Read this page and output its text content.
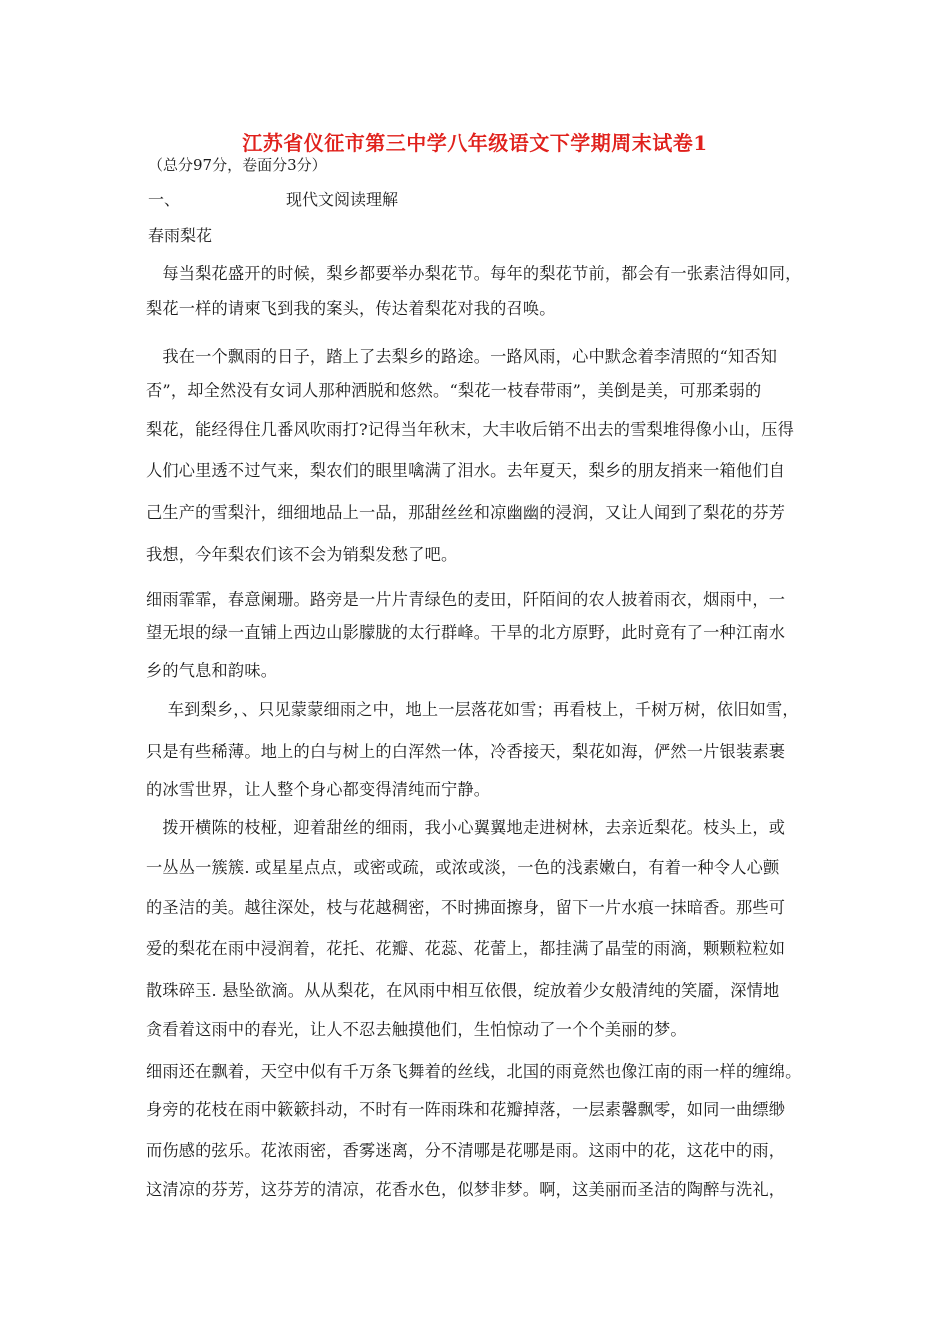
江苏省仪征市第三中学八年级语文下学期周末试卷1
（总分97分，卷面分3分）
一、	现代文阅读理解
春雨梨花
　每当梨花盛开的时候，梨乡都要举办梨花节。每年的梨花节前，都会有一张素洁得如同，
梨花一样的请柬飞到我的案头，传达着梨花对我的召唤。
　我在一个飘雨的日子，踏上了去梨乡的路途。一路风雨，心中默念着李清照的“知否知
否”，却全然没有女词人那种洒脱和悠然。“梨花一枝春带雨”，美倒是美，可那柔弱的
梨花，能经得住几番风吹雨打?记得当年秋末，大丰收后销不出去的雪梨堆得像小山，压得
人们心里透不过气来，梨农们的眼里噙满了泪水。去年夏天，梨乡的朋友捎来一箱他们自
己生产的雪梨汁，细细地品上一品，那甜丝丝和凉幽幽的浸润，又让人闻到了梨花的芬芳
我想，今年梨农们该不会为销梨发愁了吧。
细雨霏霏，春意阑珊。路旁是一片片青绿色的麦田，阡陌间的农人披着雨衣，烟雨中，一
望无垠的绿一直铺上西边山影朦胧的太行群峰。干旱的北方原野，此时竟有了一种江南水
乡的气息和韵味。
　 车到梨乡，、只见蒙蒙细雨之中，地上一层落花如雪；再看枝上，千树万树，依旧如雪，
只是有些稀薄。地上的白与树上的白浑然一体，冷香接天，梨花如海，俨然一片银装素裹
的冰雪世界，让人整个身心都变得清纯而宁静。
　拨开横陈的枝桠，迎着甜丝的细雨，我小心翼翼地走进树林，去亲近梨花。枝头上，或
一丛丛一簇簇. 或星星点点，或密或疏，或浓或淡，一色的浅素嫩白，有着一种令人心颤
的圣洁的美。越往深处，枝与花越稠密，不时拂面擦身，留下一片水痕一抹暗香。那些可
爱的梨花在雨中浸润着，花托、花瓣、花蕊、花蕾上，都挂满了晶莹的雨滴，颗颗粒粒如
散珠碎玉. 悬坠欲滴。从从梨花，在风雨中相互依偎，绽放着少女般清纯的笑靥，深情地
贪看着这雨中的春光，让人不忍去触摸他们，生怕惊动了一个个美丽的梦。
细雨还在飘着，天空中似有千万条飞舞着的丝线，北国的雨竟然也像江南的雨一样的缠绵。
身旁的花枝在雨中簌簌抖动，不时有一阵雨珠和花瓣掉落，一层素馨飘零，如同一曲缥缈
而伤感的弦乐。花浓雨密，香雾迷离，分不清哪是花哪是雨。这雨中的花，这花中的雨，
这清凉的芬芳，这芬芳的清凉，花香水色，似梦非梦。啊，这美丽而圣洁的陶醉与洗礼，
